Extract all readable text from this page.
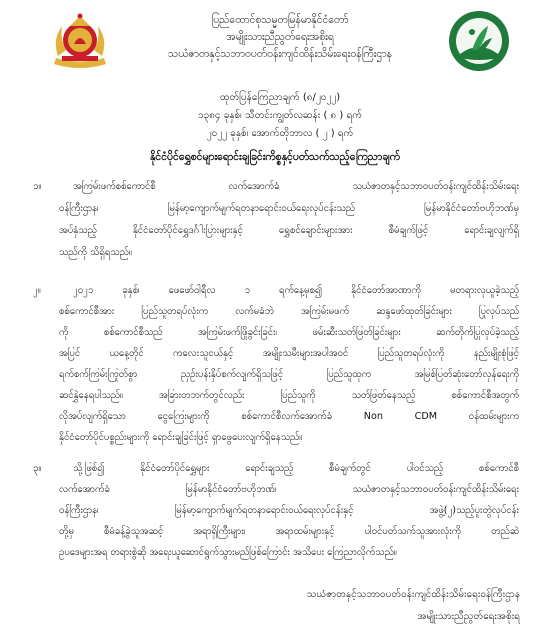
ပြည်ထောင်စုသမ္မတမြန်မာနိုင်ငံတော်
အမျိုးသားညီညွတ်ရေးအစိုးရ
သယံဇာတနှင့်သဘာဝပတ်ဝန်းကျင်ထိန်းသိမ်းရေးဝန်ကြီးဌာန
ထုတ်ပြန်ကြေညာချက် (၈/၂၀၂၂)
၁၃၈၄ ခုနှစ်၊ သီတင်းကျွတ်လဆန်း ( ၈ ) ရက်
၂၀၂၂ ခုနှစ်၊ အောက်တိုဘာလ ( ၂ ) ရက်
နိုင်ငံပိုင်ရွှေစင်များရောင်းချခြင်းကိစ္စနှင့်ပတ်သက်သည့်ကြေညာချက်
၁။	အကြမ်းဖက်စစ်ကောင်စီ လက်အောက်ခံ သယံဇာတနှင့်သဘာဝပတ်ဝန်းကျင်ထိန်းသိမ်းရေး
ဝန်ကြီးဌာန၊ မြန်မာ့ကျောက်မျက်ရတနာရောင်းဝယ်ရေးလုပ်ငန်းသည် မြန်မာနိုင်ငံတော်ဗဟိုဘဏ်မှ
အပ်နှံသည့် နိုင်ငံတော်ပိုင်ရွှေဒင်္ဂါးပြားများနှင့် ရွှေစင်ချောင်းများအား စီမံချက်ဖြင့် ရောင်းချလျက်ရှိ
သည်ကို သိရှိရသည်။
၂။	၂၀၂၁ ခုနှစ်၊ ဖေဖော်ဝါရီလ ၁ ရက်နေ့မှစ၍ နိုင်ငံတော်အာဏာကို မတရားလုယူခဲ့သည့်
စစ်ကောင်စီအား ပြည်သူတရပ်လုံးက လက်မခံဘဲ အကြမ်းမဖက် ဆန္ဒဖော်ထုတ်ခြင်းများ ပြုလုပ်သည်
ကို စစ်ကောင်စီသည် အကြမ်းဖက်ဖြိုခွင်းခြင်း၊ ဖမ်းဆီးသတ်ဖြတ်ခြင်းများ ဆက်တိုက်ပြုလုပ်ခဲ့သည့်
အပြင် ယနေ့တိုင် ကလေးသူငယ်နှင့် အမျိုးသမီးများအပါအဝင် ပြည်သူတရပ်လုံးကို နည်းမျိုးစုံဖြင့်
ရက်စက်ကြမ်းကြုတ်စွာ ညှဉ်းပန်းနှိပ်စက်လျက်ရှိသဖြင့် ပြည်သူထုက အမြစ်ပြတ်ဆုံးတော်လှန်ရေးကို
ဆင်နွှဲနေရပါသည်။ အခြားတဘက်တွင်လည်း ပြည်သူကို သတ်ဖြတ်နေသည့် စစ်ကောင်စီအတွက်
လိုအပ်လျက်ရှိသော ငွေကြေးများကို စစ်ကောင်စီလက်အောက်ခံ Non CDM ဝန်ထမ်းများက
နိုင်ငံတော်ပိုင်ပစ္စည်းများကို ရောင်းချခြင်းဖြင့် ရှာဖွေပေးလျက်ရှိနေသည်။
၃။	သို့ဖြစ်၍ နိုင်ငံတော်ပိုင်ရွှေများ ရောင်းချသည့် စီမံချက်တွင် ပါဝင်သည့် စစ်ကောင်စီ
လက်အောက်ခံ မြန်မာနိုင်ငံတော်ဗဟိုဘဏ်၊ သယံဇာတနှင့်သဘာဝပတ်ဝန်းကျင်ထိန်းသိမ်းရေး
ဝန်ကြီးဌာန၊ မြန်မာ့ကျောက်မျက်ရတနာရောင်းဝယ်ရေးလုပ်ငန်းနှင့် အဖွဲ့(၂)သည့်ပူးတွဲလုပ်ငန်း
တို့မှ စီမံခန့်ခွဲသူအဆင့် အရာရှိကြီးများ၊ အရာထမ်းများနှင့် ပါဝင်ပတ်သက်သူအားလုံးကို တည်ဆဲ
ဥပဒေများအရ တရားစွဲဆို အရေးယူဆောင်ရွက်သွားမည်ဖြစ်ကြောင်း အသိပေး ကြေညာလိုက်သည်။
သယံဇာတနှင့်သဘာဝပတ်ဝန်းကျင်ထိန်းသိမ်းရေးဝန်ကြီးဌာန
အမျိုးသားညီညွတ်ရေးအစိုးရ
